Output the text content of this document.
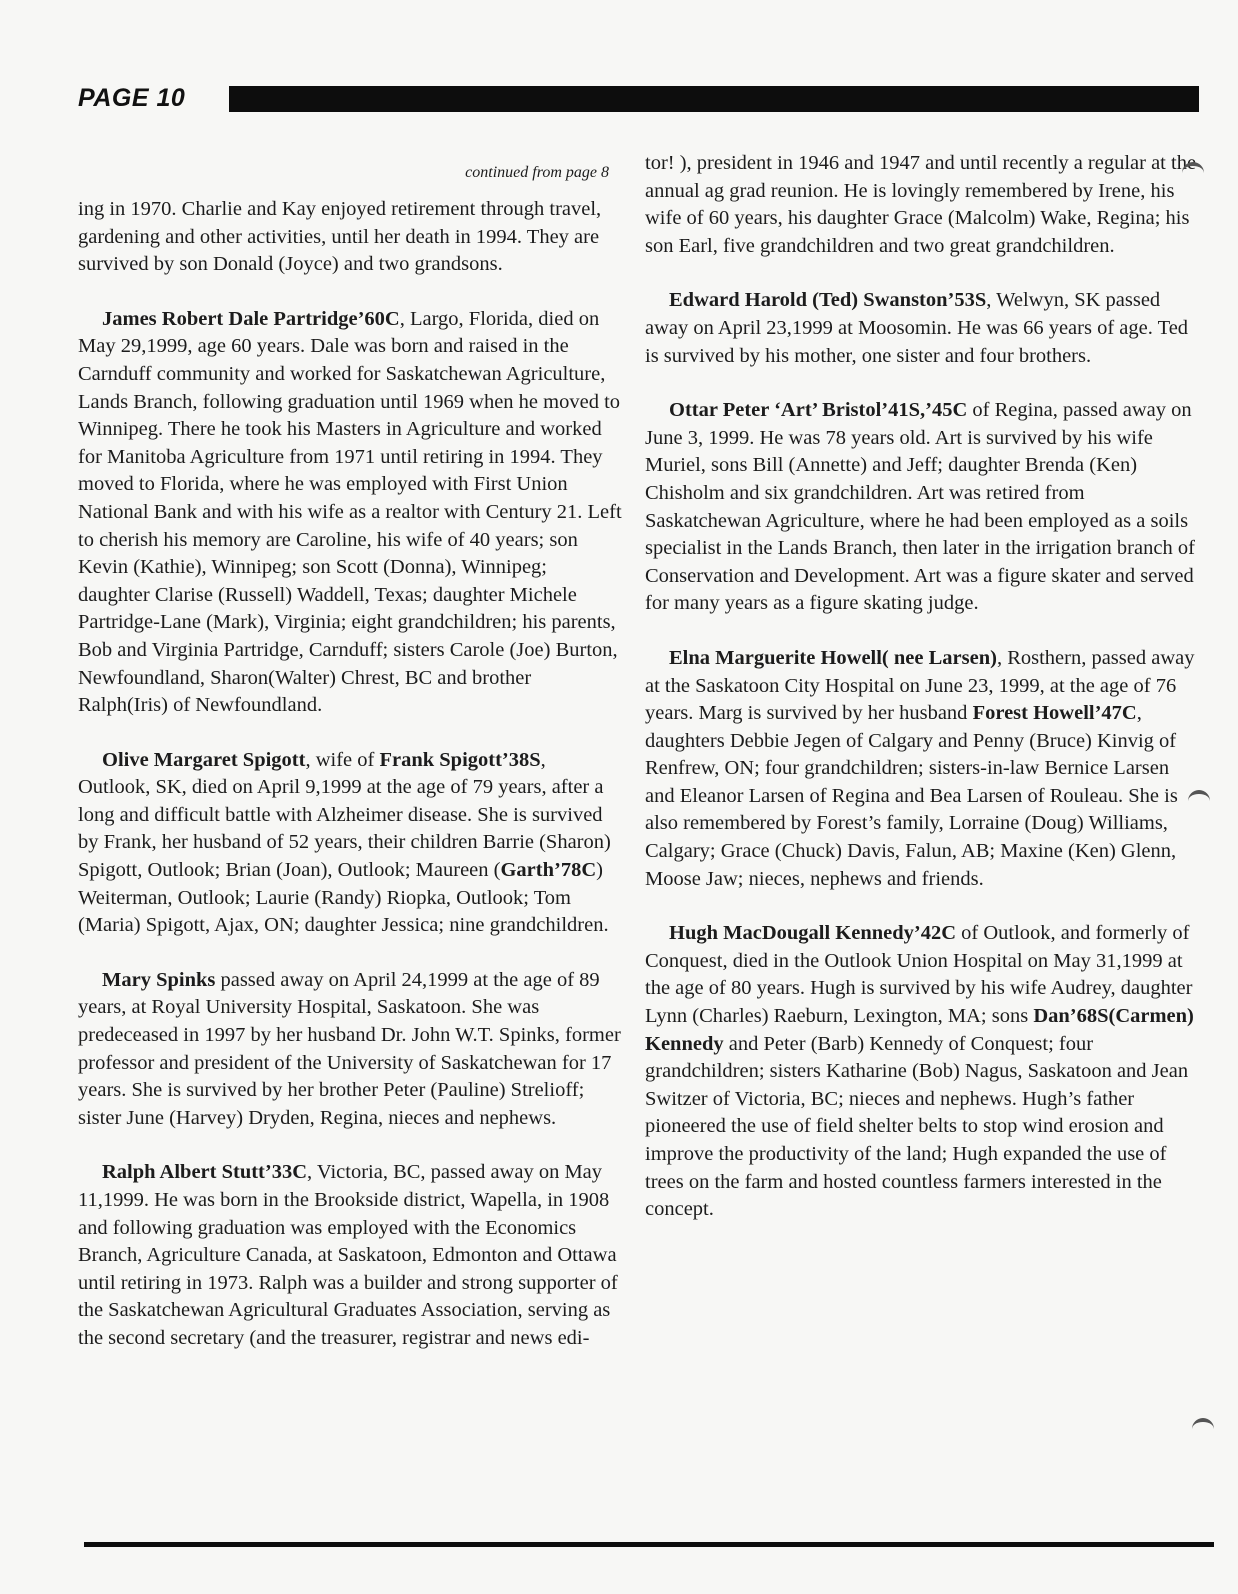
PAGE 10
continued from page 8

ing in 1970. Charlie and Kay enjoyed retirement through travel, gardening and other activities, until her death in 1994. They are survived by son Donald (Joyce) and two grandsons.

James Robert Dale Partridge’60C, Largo, Florida, died on May 29,1999, age 60 years. Dale was born and raised in the Carnduff community and worked for Saskatchewan Agriculture, Lands Branch, following graduation until 1969 when he moved to Winnipeg. There he took his Masters in Agriculture and worked for Manitoba Agriculture from 1971 until retiring in 1994. They moved to Florida, where he was employed with First Union National Bank and with his wife as a realtor with Century 21. Left to cherish his memory are Caroline, his wife of 40 years; son Kevin (Kathie), Winnipeg; son Scott (Donna), Winnipeg; daughter Clarise (Russell) Waddell, Texas; daughter Michele Partridge-Lane (Mark), Virginia; eight grandchildren; his parents, Bob and Virginia Partridge, Carnduff; sisters Carole (Joe) Burton, Newfoundland, Sharon(Walter) Chrest, BC and brother Ralph(Iris) of Newfoundland.

Olive Margaret Spigott, wife of Frank Spigott’38S, Outlook, SK, died on April 9,1999 at the age of 79 years, after a long and difficult battle with Alzheimer disease. She is survived by Frank, her husband of 52 years, their children Barrie (Sharon) Spigott, Outlook; Brian (Joan), Outlook; Maureen (Garth’78C) Weiterman, Outlook; Laurie (Randy) Riopka, Outlook; Tom (Maria) Spigott, Ajax, ON; daughter Jessica; nine grandchildren.

Mary Spinks passed away on April 24,1999 at the age of 89 years, at Royal University Hospital, Saskatoon. She was predeceased in 1997 by her husband Dr. John W.T. Spinks, former professor and president of the University of Saskatchewan for 17 years. She is survived by her brother Peter (Pauline) Strelioff; sister June (Harvey) Dryden, Regina, nieces and nephews.

Ralph Albert Stutt’33C, Victoria, BC, passed away on May 11,1999. He was born in the Brookside district, Wapella, in 1908 and following graduation was employed with the Economics Branch, Agriculture Canada, at Saskatoon, Edmonton and Ottawa until retiring in 1973. Ralph was a builder and strong supporter of the Saskatchewan Agricultural Graduates Association, serving as the second secretary (and the treasurer, registrar and news edi-

tor! ), president in 1946 and 1947 and until recently a regular at the annual ag grad reunion. He is lovingly remembered by Irene, his wife of 60 years, his daughter Grace (Malcolm) Wake, Regina; his son Earl, five grandchildren and two great grandchildren.

Edward Harold (Ted) Swanston’53S, Welwyn, SK passed away on April 23,1999 at Moosomin. He was 66 years of age. Ted is survived by his mother, one sister and four brothers.

Ottar Peter ‘Art’ Bristol’41S,’45C of Regina, passed away on June 3, 1999. He was 78 years old. Art is survived by his wife Muriel, sons Bill (Annette) and Jeff; daughter Brenda (Ken) Chisholm and six grandchildren. Art was retired from Saskatchewan Agriculture, where he had been employed as a soils specialist in the Lands Branch, then later in the irrigation branch of Conservation and Development. Art was a figure skater and served for many years as a figure skating judge.

Elna Marguerite Howell( nee Larsen), Rosthern, passed away at the Saskatoon City Hospital on June 23, 1999, at the age of 76 years. Marg is survived by her husband Forest Howell’47C, daughters Debbie Jegen of Calgary and Penny (Bruce) Kinvig of Renfrew, ON; four grandchildren; sisters-in-law Bernice Larsen and Eleanor Larsen of Regina and Bea Larsen of Rouleau. She is also remembered by Forest’s family, Lorraine (Doug) Williams, Calgary; Grace (Chuck) Davis, Falun, AB; Maxine (Ken) Glenn, Moose Jaw; nieces, nephews and friends.

Hugh MacDougall Kennedy’42C of Outlook, and formerly of Conquest, died in the Outlook Union Hospital on May 31,1999 at the age of 80 years. Hugh is survived by his wife Audrey, daughter Lynn (Charles) Raeburn, Lexington, MA; sons Dan’68S(Carmen) Kennedy and Peter (Barb) Kennedy of Conquest; four grandchildren; sisters Katharine (Bob) Nagus, Saskatoon and Jean Switzer of Victoria, BC; nieces and nephews. Hugh’s father pioneered the use of field shelter belts to stop wind erosion and improve the productivity of the land; Hugh expanded the use of trees on the farm and hosted countless farmers interested in the concept.
